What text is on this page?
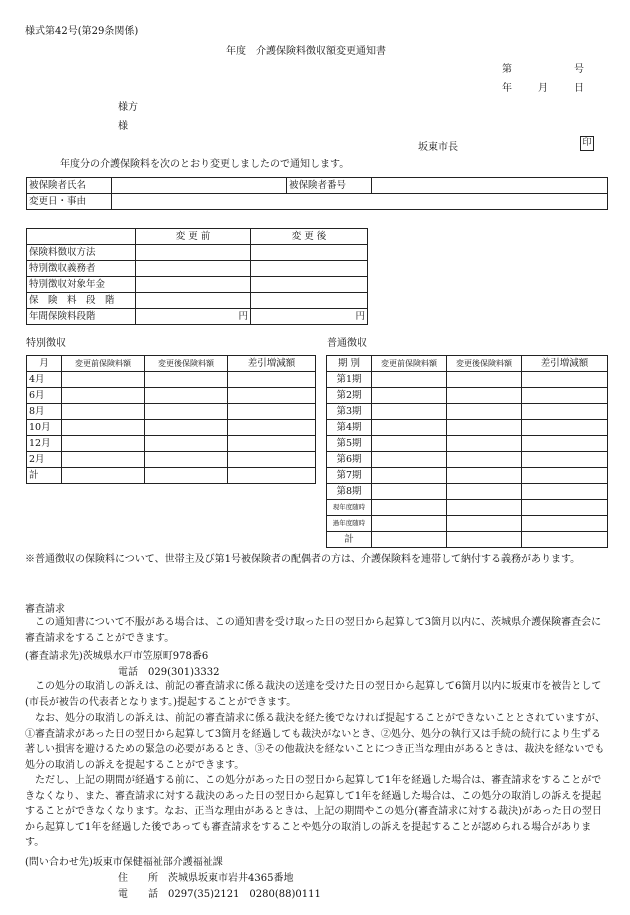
様式第42号(第29条関係)
年度　介護保険料徴収額変更通知書
第	号
年	月	日
様方
様
坂東市長	印
年度分の介護保険料を次のとおり変更しましたので通知します。
被保険者氏名		被保険者番号	
変更日・事由			
	変 更 前	変 更 後
保険料徴収方法		
特別徴収義務者		
特別徴収対象年金		
保　険　料　段　階		
年間保険料段階	円	円
特別徴収
月	変更前保険料額	変更後保険料額	差引増減額
4月			
6月			
8月			
10月			
12月			
2月			
計			
普通徴収
期 別	変更前保険料額	変更後保険料額	差引増減額
第1期			
第2期			
第3期			
第4期			
第5期			
第6期			
第7期			
第8期			
現年度随時			
過年度随時			
計			
※普通徴収の保険料について、世帯主及び第1号被保険者の配偶者の方は、介護保険料を連帯して納付する義務があります。
審査請求
この通知書について不服がある場合は、この通知書を受け取った日の翌日から起算して3箇月以内に、茨城県介護保険審査会に審査請求をすることができます。
(審査請求先)茨城県水戸市笠原町978番6
電話　029(301)3332
この処分の取消しの訴えは、前記の審査請求に係る裁決の送達を受けた日の翌日から起算して6箇月以内に坂東市を被告として(市長が被告の代表者となります。)提起することができます。
なお、処分の取消しの訴えは、前記の審査請求に係る裁決を経た後でなければ提起することができないこととされていますが、①審査請求があった日の翌日から起算して3箇月を経過しても裁決がないとき、②処分、処分の執行又は手続の続行により生ずる著しい損害を避けるための緊急の必要があるとき、③その他裁決を経ないことにつき正当な理由があるときは、裁決を経ないでも処分の取消しの訴えを提起することができます。
ただし、上記の期間が経過する前に、この処分があった日の翌日から起算して1年を経過した場合は、審査請求をすることができなくなり、また、審査請求に対する裁決のあった日の翌日から起算して1年を経過した場合は、この処分の取消しの訴えを提起することができなくなります。なお、正当な理由があるときは、上記の期間やこの処分(審査請求に対する裁決)があった日の翌日から起算して1年を経過した後であっても審査請求をすることや処分の取消しの訴えを提起することが認められる場合があります。
(問い合わせ先)坂東市保健福祉部介護福祉課
住　　所 茨城県坂東市岩井4365番地
電　　話 0297(35)2121　0280(88)0111
